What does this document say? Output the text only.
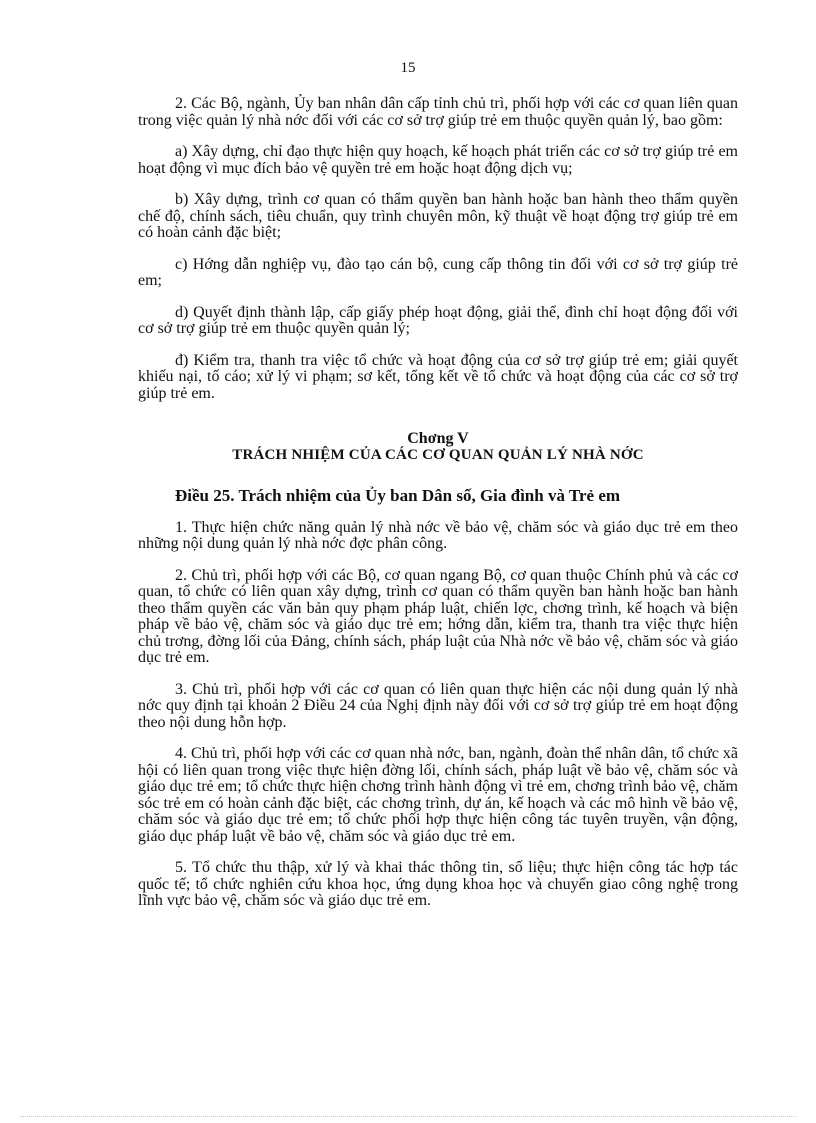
15

2. Các Bộ, ngành, Ủy ban nhân dân cấp tỉnh chủ trì, phối hợp với các cơ quan liên quan trong việc quản lý nhà nớc đối với các cơ sở trợ giúp trẻ em thuộc quyền quản lý, bao gồm:

a) Xây dựng, chỉ đạo thực hiện quy hoạch, kế hoạch phát triển các cơ sở trợ giúp trẻ em hoạt động vì mục đích bảo vệ quyền trẻ em hoặc hoạt động dịch vụ;

b) Xây dựng, trình cơ quan có thẩm quyền ban hành hoặc ban hành theo thẩm quyền chế độ, chính sách, tiêu chuẩn, quy trình chuyên môn, kỹ thuật về hoạt động trợ giúp trẻ em có hoàn cảnh đặc biệt;

c) Hớng dẫn nghiệp vụ, đào tạo cán bộ, cung cấp thông tin đối với cơ sở trợ giúp trẻ em;

d) Quyết định thành lập, cấp giấy phép hoạt động, giải thể, đình chỉ hoạt động đối với cơ sở trợ giúp trẻ em thuộc quyền quản lý;

đ) Kiểm tra, thanh tra việc tổ chức và hoạt động của cơ sở trợ giúp trẻ em; giải quyết khiếu nại, tố cáo; xử lý vi phạm; sơ kết, tổng kết về tổ chức và hoạt động của các cơ sở trợ giúp trẻ em.

Chơng V
TRÁCH NHIỆM CỦA CÁC CƠ QUAN QUẢN LÝ NHÀ NỚC
Điều 25. Trách nhiệm của Ủy ban Dân số, Gia đình và Trẻ em

1. Thực hiện chức năng quản lý nhà nớc về bảo vệ, chăm sóc và giáo dục trẻ em theo những nội dung quản lý nhà nớc đợc phân công.

2. Chủ trì, phối hợp với các Bộ, cơ quan ngang Bộ, cơ quan thuộc Chính phủ và các cơ quan, tổ chức có liên quan xây dựng, trình cơ quan có thẩm quyền ban hành hoặc ban hành theo thẩm quyền các văn bản quy phạm pháp luật, chiến lợc, chơng trình, kế hoạch và biện pháp về bảo vệ, chăm sóc và giáo dục trẻ em; hớng dẫn, kiểm tra, thanh tra việc thực hiện chủ trơng, đờng lối của Đảng, chính sách, pháp luật của Nhà nớc về bảo vệ, chăm sóc và giáo dục trẻ em.

3. Chủ trì, phối hợp với các cơ quan có liên quan thực hiện các nội dung quản lý nhà nớc quy định tại khoản 2 Điều 24 của Nghị định này đối với cơ sở trợ giúp trẻ em hoạt động theo nội dung hỗn hợp.

4. Chủ trì, phối hợp với các cơ quan nhà nớc, ban, ngành, đoàn thể nhân dân, tổ chức xã hội có liên quan trong việc thực hiện đờng lối, chính sách, pháp luật về bảo vệ, chăm sóc và giáo dục trẻ em; tổ chức thực hiện chơng trình hành động vì trẻ em, chơng trình bảo vệ, chăm sóc trẻ em có hoàn cảnh đặc biệt, các chơng trình, dự án, kế hoạch và các mô hình về bảo vệ, chăm sóc và giáo dục trẻ em; tổ chức phối hợp thực hiện công tác tuyên truyền, vận động, giáo dục pháp luật về bảo vệ, chăm sóc và giáo dục trẻ em.

5. Tổ chức thu thập, xử lý và khai thác thông tin, số liệu; thực hiện công tác hợp tác quốc tế; tổ chức nghiên cứu khoa học, ứng dụng khoa học và chuyển giao công nghệ trong lĩnh vực bảo vệ, chăm sóc và giáo dục trẻ em.
